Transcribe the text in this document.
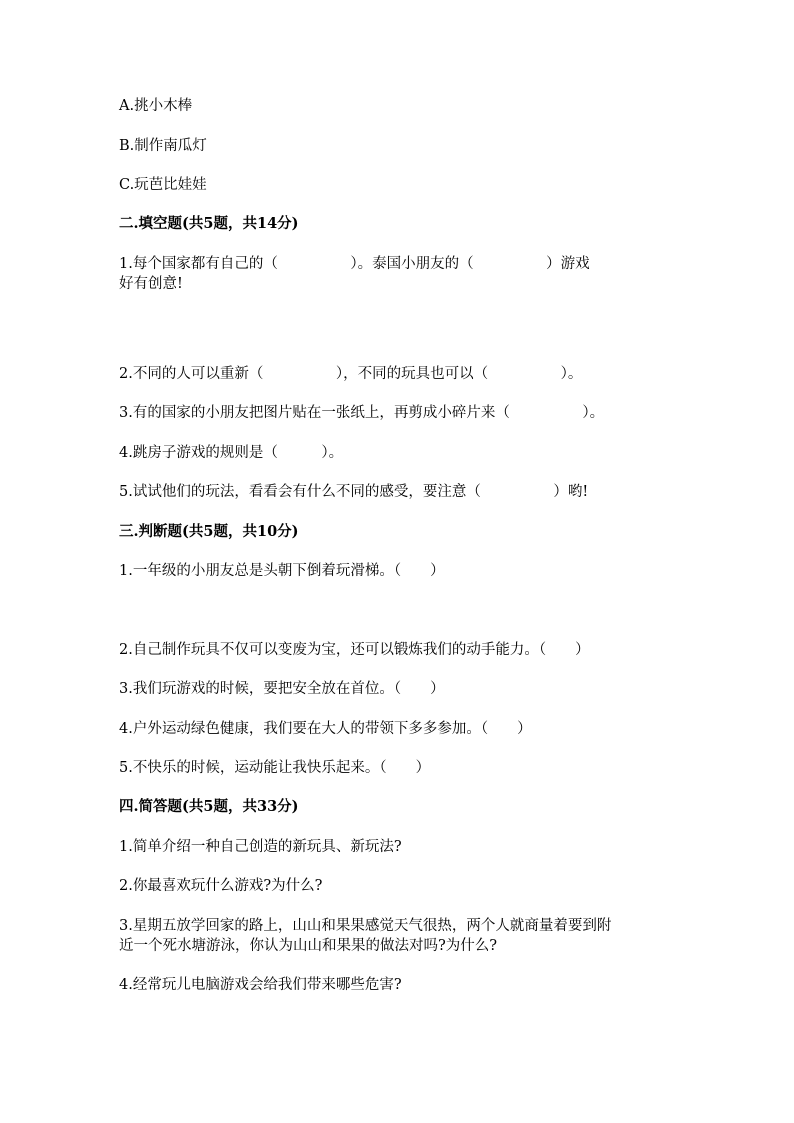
A.挑小木棒

B.制作南瓜灯

C.玩芭比娃娃

二.填空题(共5题，共14分)

1.每个国家都有自己的（　　　　　）。泰国小朋友的（　　　　　）游戏

好有创意!

2.不同的人可以重新（　　　　　），不同的玩具也可以（　　　　　）。

3.有的国家的小朋友把图片贴在一张纸上，再剪成小碎片来（　　　　　）。

4.跳房子游戏的规则是（　　　）。

5.试试他们的玩法，看看会有什么不同的感受，要注意（　　　　　）哟!

三.判断题(共5题，共10分)

1.一年级的小朋友总是头朝下倒着玩滑梯。（　　）

2.自己制作玩具不仅可以变废为宝，还可以锻炼我们的动手能力。（　　）

3.我们玩游戏的时候，要把安全放在首位。（　　）

4.户外运动绿色健康，我们要在大人的带领下多多参加。（　　）

5.不快乐的时候，运动能让我快乐起来。（　　）

四.简答题(共5题，共33分)

1.简单介绍一种自己创造的新玩具、新玩法?

2.你最喜欢玩什么游戏?为什么?

3.星期五放学回家的路上，山山和果果感觉天气很热，两个人就商量着要到附

近一个死水塘游泳，你认为山山和果果的做法对吗?为什么?

4.经常玩儿电脑游戏会给我们带来哪些危害?
